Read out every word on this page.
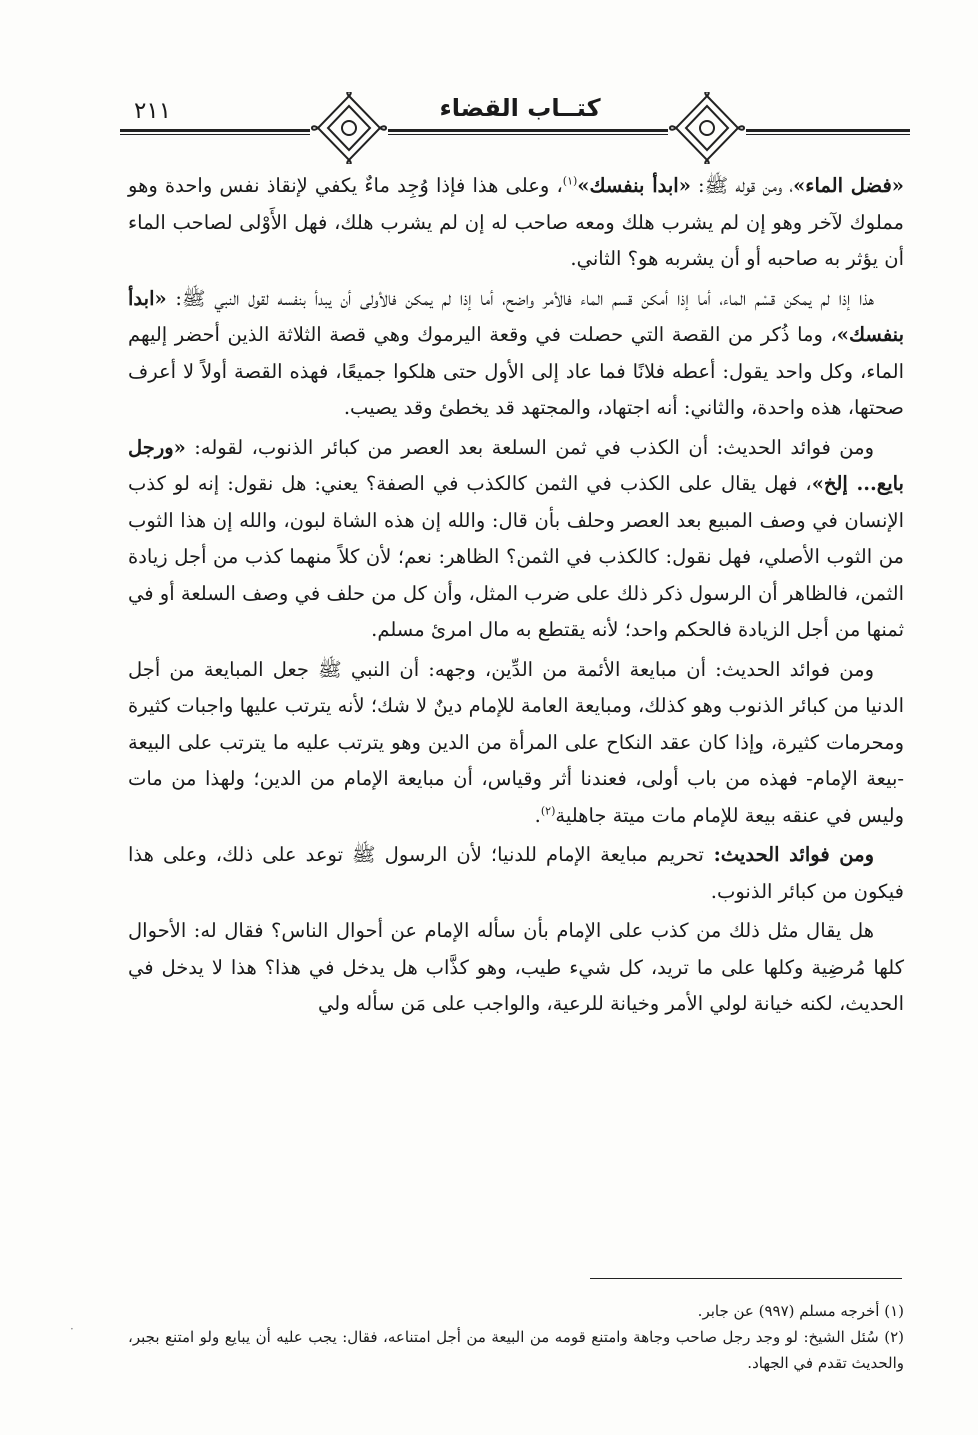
٢١١	كتــاب القضاء

«فضل الماء»، ومن قوله ﷺ: «ابدأ بنفسك»$^{(١)}$، وعلى هذا فإذا وُجِد ماءٌ يكفي لإنقاذ نفس واحدة وهو مملوك لآخر وهو إن لم يشرب هلك ومعه صاحب له إن لم يشرب هلك، فهل الأَوْلى لصاحب الماء أن يؤثر به صاحبه أو أن يشربه هو؟ الثاني.

هذا إذا لم يمكن قسْم الماء، أما إذا أمكن قسم الماء فالأمر واضح، أما إذا لم يمكن فالأولى أن يبدأ بنفسه لقول النبي ﷺ: «ابدأ بنفسك»، وما ذُكر من القصة التي حصلت في وقعة اليرموك وهي قصة الثلاثة الذين أحضر إليهم الماء، وكل واحد يقول: أعطه فلانًا فما عاد إلى الأول حتى هلكوا جميعًا، فهذه القصة أولاً لا أعرف صحتها، هذه واحدة، والثاني: أنه اجتهاد، والمجتهد قد يخطئ وقد يصيب.

ومن فوائد الحديث: أن الكذب في ثمن السلعة بعد العصر من كبائر الذنوب، لقوله: «ورجل بايع... إلخ»، فهل يقال على الكذب في الثمن كالكذب في الصفة؟ يعني: هل نقول: إنه لو كذب الإنسان في وصف المبيع بعد العصر وحلف بأن قال: والله إن هذه الشاة لبون، والله إن هذا الثوب من الثوب الأصلي، فهل نقول: كالكذب في الثمن؟ الظاهر: نعم؛ لأن كلاً منهما كذب من أجل زيادة الثمن، فالظاهر أن الرسول ذكر ذلك على ضرب المثل، وأن كل من حلف في وصف السلعة أو في ثمنها من أجل الزيادة فالحكم واحد؛ لأنه يقتطع به مال امرئ مسلم.

ومن فوائد الحديث: أن مبايعة الأئمة من الدِّين، وجهه: أن النبي ﷺ جعل المبايعة من أجل الدنيا من كبائر الذنوب وهو كذلك، ومبايعة العامة للإمام دينٌ لا شك؛ لأنه يترتب عليها واجبات كثيرة ومحرمات كثيرة، وإذا كان عقد النكاح على المرأة من الدين وهو يترتب عليه ما يترتب على البيعة -بيعة الإمام- فهذه من باب أولى، فعندنا أثر وقياس، أن مبايعة الإمام من الدين؛ ولهذا من مات وليس في عنقه بيعة للإمام مات ميتة جاهلية$^{(٢)}$.

ومن فوائد الحديث: تحريم مبايعة الإمام للدنيا؛ لأن الرسول ﷺ توعد على ذلك، وعلى هذا فيكون من كبائر الذنوب.

هل يقال مثل ذلك من كذب على الإمام بأن سأله الإمام عن أحوال الناس؟ فقال له: الأحوال كلها مُرضِية وكلها على ما تريد، كل شيء طيب، وهو كذَّاب هل يدخل في هذا؟ هذا لا يدخل في الحديث، لكنه خيانة لولي الأمر وخيانة للرعية، والواجب على مَن سأله ولي

(١) أخرجه مسلم (٩٩٧) عن جابر.

(٢) سُئل الشيخ: لو وجد رجل صاحب وجاهة وامتنع قومه من البيعة من أجل امتناعه، فقال: يجب عليه أن يبايع ولو امتنع بجبر، والحديث تقدم في الجهاد.

·
